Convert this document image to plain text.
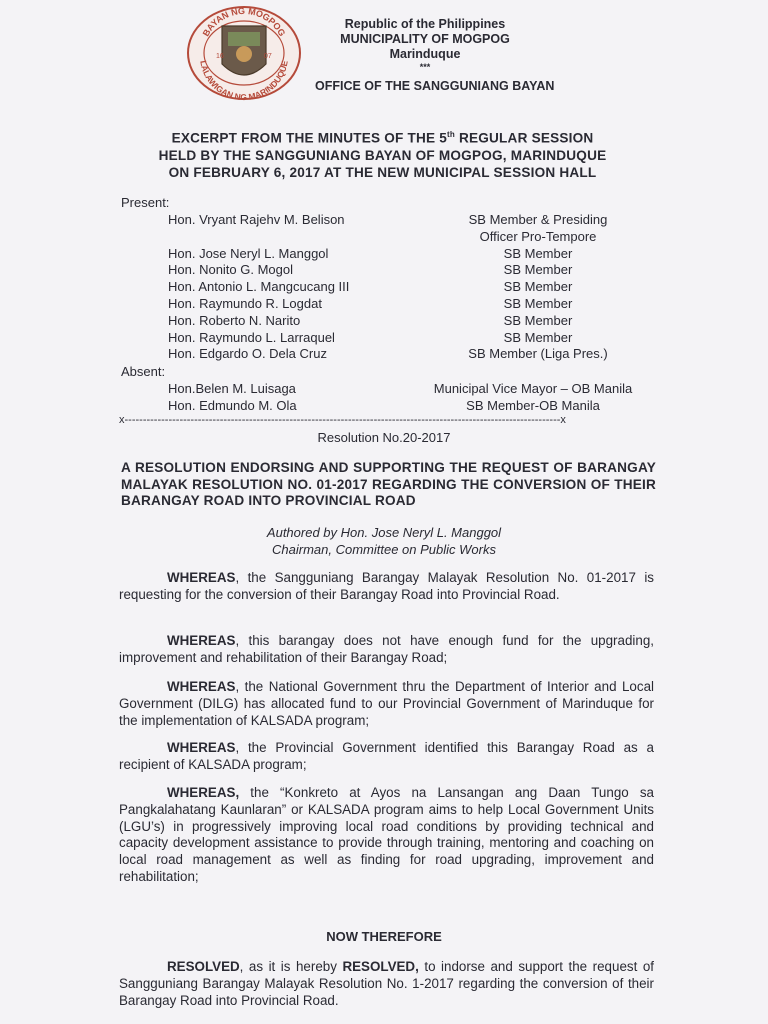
BAYAN NG MOGPOG
LALAWIGAN NG MARINDUQUE
16	07
Republic of the Philippines
MUNICIPALITY OF MOGPOG
Marinduque
***
OFFICE OF THE SANGGUNIANG BAYAN
EXCERPT FROM THE MINUTES OF THE 5th REGULAR SESSION
HELD BY THE SANGGUNIANG BAYAN OF MOGPOG, MARINDUQUE
ON FEBRUARY 6, 2017 AT THE NEW MUNICIPAL SESSION HALL
Present:
Hon. Vryant Rajehv M. Belison	SB Member & Presiding
Officer Pro-Tempore
Hon. Jose Neryl L. Manggol	SB Member
Hon. Nonito G. Mogol	SB Member
Hon. Antonio L. Mangcucang III	SB Member
Hon. Raymundo R. Logdat	SB Member
Hon. Roberto N. Narito	SB Member
Hon. Raymundo L. Larraquel	SB Member
Hon. Edgardo O. Dela Cruz	SB Member (Liga Pres.)
Absent:
Hon.Belen M. Luisaga	Municipal Vice Mayor – OB Manila
Hon. Edmundo M. Ola	SB Member-OB Manila
x-----------------------------------------------------------------------------------------------------------------------x
Resolution No.20-2017
A RESOLUTION ENDORSING AND SUPPORTING THE REQUEST OF BARANGAY MALAYAK RESOLUTION NO. 01-2017 REGARDING THE CONVERSION OF THEIR BARANGAY ROAD INTO PROVINCIAL ROAD
Authored by Hon. Jose Neryl L. Manggol
Chairman, Committee on Public Works
WHEREAS, the Sangguniang Barangay Malayak Resolution No. 01-2017 is requesting for the conversion of their Barangay Road into Provincial Road.
WHEREAS, this barangay does not have enough fund for the upgrading, improvement and rehabilitation of their Barangay Road;
WHEREAS, the National Government thru the Department of Interior and Local Government (DILG) has allocated fund to our Provincial Government of Marinduque for the implementation of KALSADA program;
WHEREAS, the Provincial Government identified this Barangay Road as a recipient of KALSADA program;
WHEREAS, the “Konkreto at Ayos na Lansangan ang Daan Tungo sa Pangkalahatang Kaunlaran” or KALSADA program aims to help Local Government Units (LGU’s) in progressively improving local road conditions by providing technical and capacity development assistance to provide through training, mentoring and coaching on local road management as well as finding for road upgrading, improvement and rehabilitation;
NOW THEREFORE
RESOLVED, as it is hereby RESOLVED, to indorse and support the request of Sangguniang Barangay Malayak Resolution No. 1-2017 regarding the conversion of their Barangay Road into Provincial Road.
